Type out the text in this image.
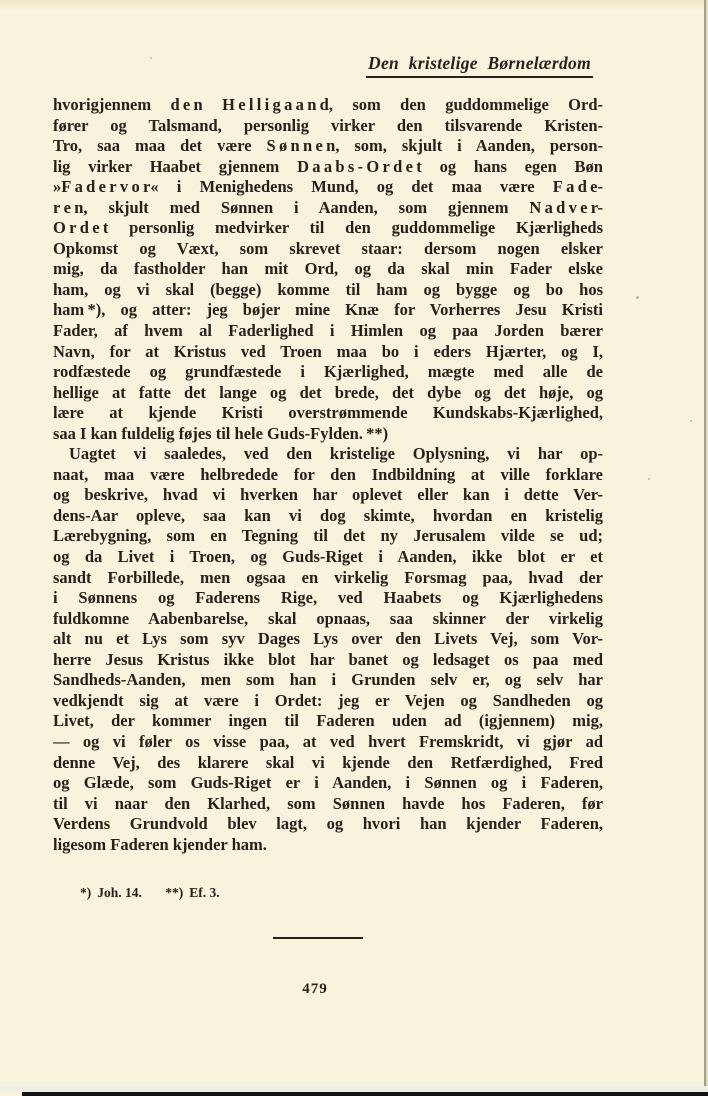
Den kristelige Børnelærdom
hvorigjennem d e n H e l l i g a a n d, som den guddommelige Ord-
fører og Talsmand, personlig virker den tilsvarende Kristen-
Tro, saa maa det være S ø n n e n, som, skjult i Aanden, person-
lig virker Haabet gjennem D a a b s - O r d e t og hans egen Bøn
»F a d e r v o r« i Menighedens Mund, og det maa være F a d e-
r e n, skjult med Sønnen i Aanden, som gjennem N a d v e r-
O r d e t personlig medvirker til den guddommelige Kjærligheds
Opkomst og Væxt, som skrevet staar: dersom nogen elsker
mig, da fastholder han mit Ord, og da skal min Fader elske
ham, og vi skal (begge) komme til ham og bygge og bo hos
ham *), og atter: jeg bøjer mine Knæ for Vorherres Jesu Kristi
Fader, af hvem al Faderlighed i Himlen og paa Jorden bærer
Navn, for at Kristus ved Troen maa bo i eders Hjærter, og I,
rodfæstede og grundfæstede i Kjærlighed, mægte med alle de
hellige at fatte det lange og det brede, det dybe og det høje, og
lære at kjende Kristi overstrømmende Kundskabs-Kjærlighed,
saa I kan fuldelig føjes til hele Guds-Fylden. **)
Uagtet vi saaledes, ved den kristelige Oplysning, vi har op-
naat, maa være helbredede for den Indbildning at ville forklare
og beskrive, hvad vi hverken har oplevet eller kan i dette Ver-
dens-Aar opleve, saa kan vi dog skimte, hvordan en kristelig
Lærebygning, som en Tegning til det ny Jerusalem vilde se ud;
og da Livet i Troen, og Guds-Riget i Aanden, ikke blot er et
sandt Forbillede, men ogsaa en virkelig Forsmag paa, hvad der
i Sønnens og Faderens Rige, ved Haabets og Kjærlighedens
fuldkomne Aabenbarelse, skal opnaas, saa skinner der virkelig
alt nu et Lys som syv Dages Lys over den Livets Vej, som Vor-
herre Jesus Kristus ikke blot har banet og ledsaget os paa med
Sandheds-Aanden, men som han i Grunden selv er, og selv har
vedkjendt sig at være i Ordet: jeg er Vejen og Sandheden og
Livet, der kommer ingen til Faderen uden ad (igjennem) mig,
— og vi føler os visse paa, at ved hvert Fremskridt, vi gjør ad
denne Vej, des klarere skal vi kjende den Retfærdighed, Fred
og Glæde, som Guds-Riget er i Aanden, i Sønnen og i Faderen,
til vi naar den Klarhed, som Sønnen havde hos Faderen, før
Verdens Grundvold blev lagt, og hvori han kjender Faderen,
ligesom Faderen kjender ham.
*) Joh. 14. **) Ef. 3.
479
